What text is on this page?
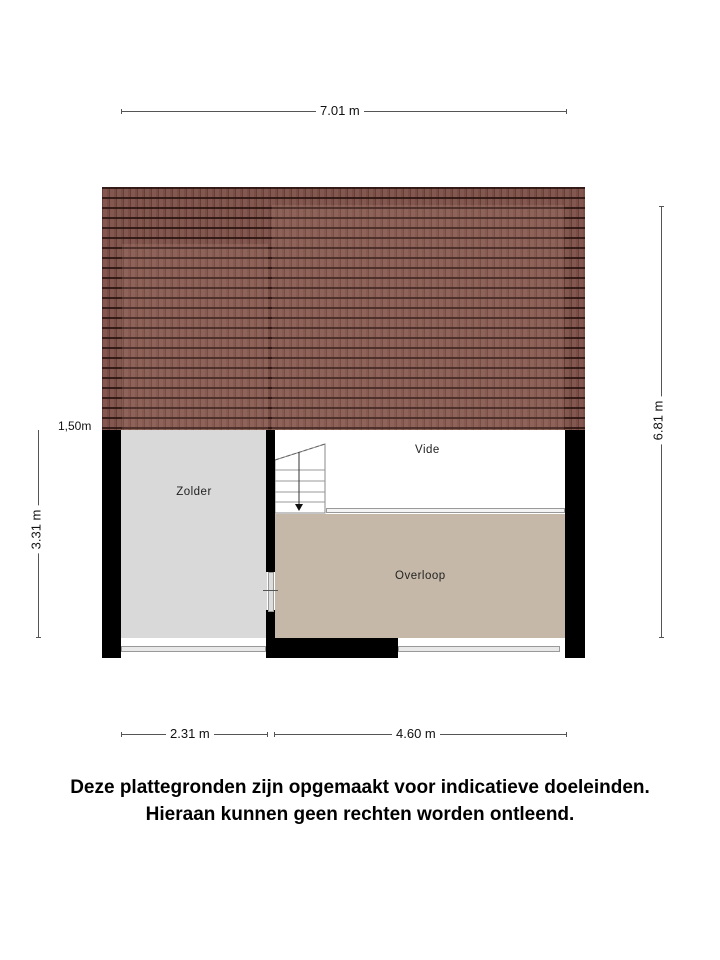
7.01 m
6.81 m
3.31 m
1,50m
Zolder
Vide
Overloop
2.31 m	4.60 m
Deze plattegronden zijn opgemaakt voor indicatieve doeleinden.
Hieraan kunnen geen rechten worden ontleend.
